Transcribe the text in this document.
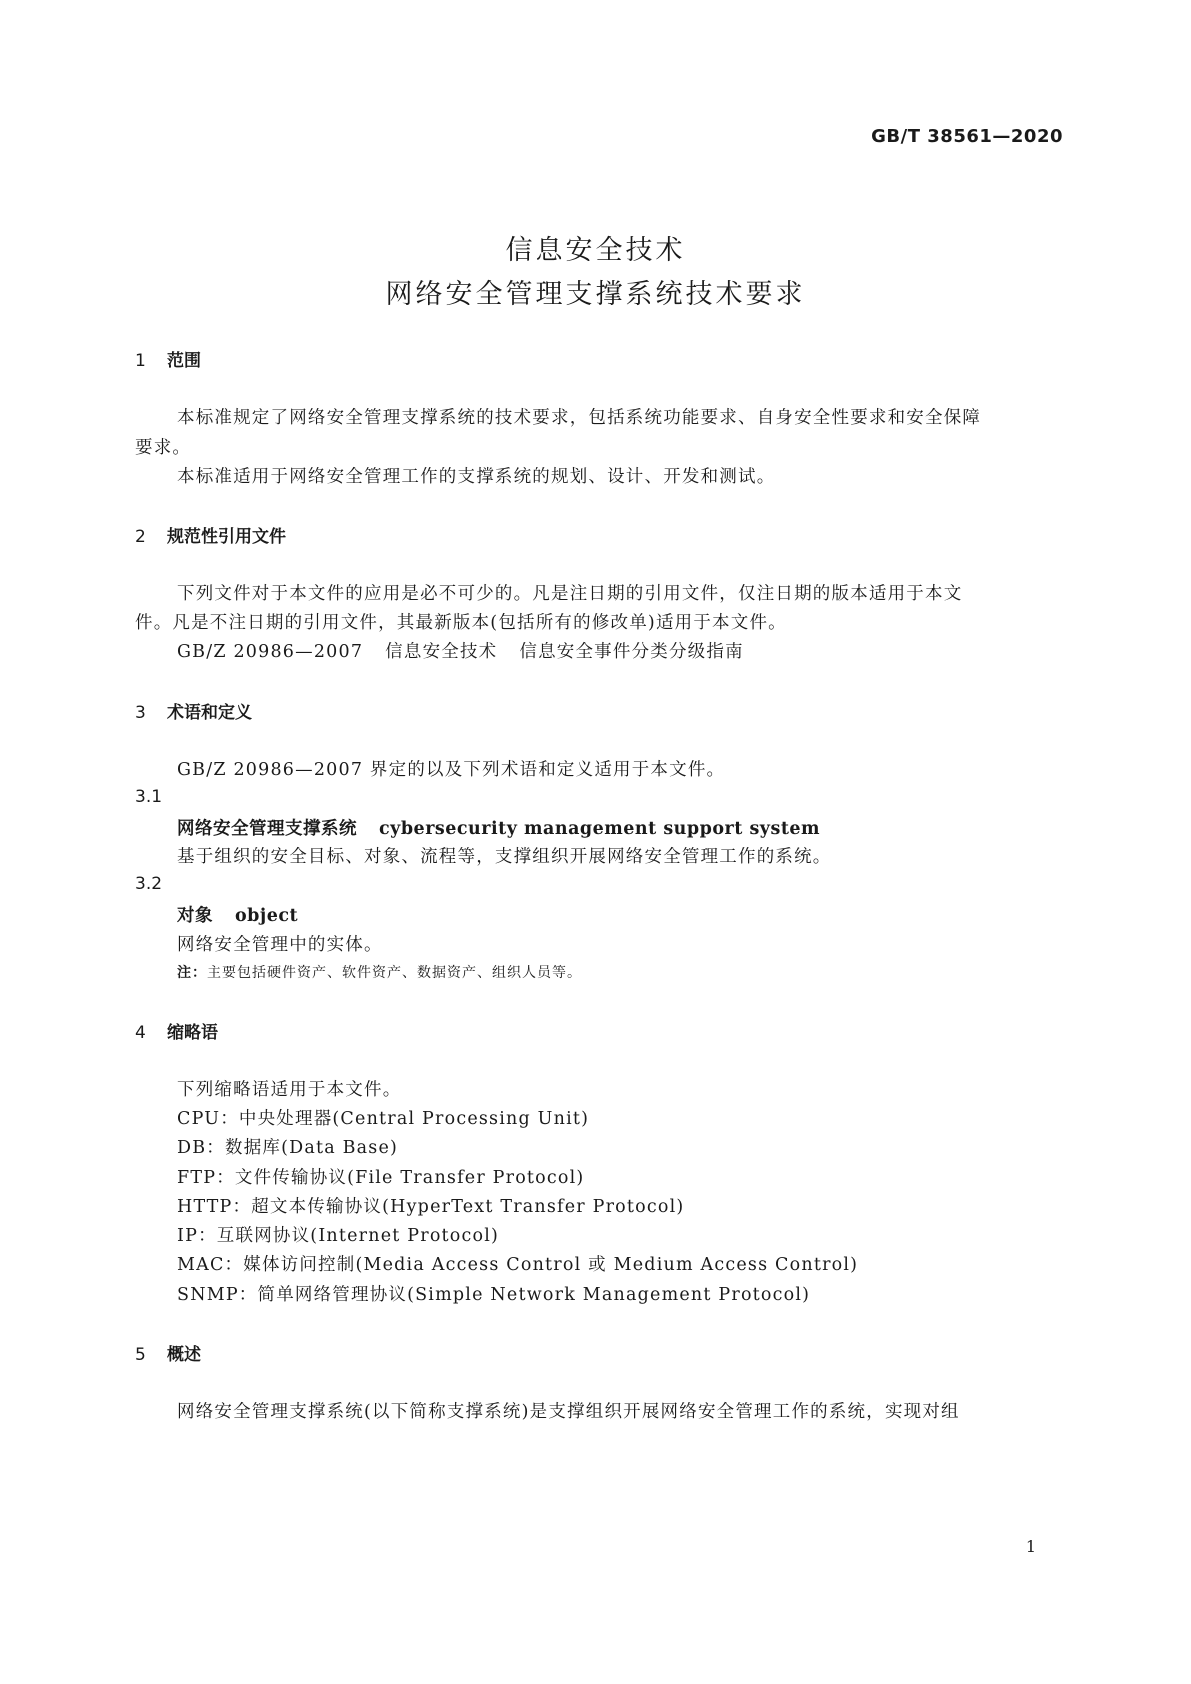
GB/T 38561—2020
信息安全技术
网络安全管理支撑系统技术要求
1 范围
本标准规定了网络安全管理支撑系统的技术要求，包括系统功能要求、自身安全性要求和安全保障
要求。
本标准适用于网络安全管理工作的支撑系统的规划、设计、开发和测试。
2 规范性引用文件
下列文件对于本文件的应用是必不可少的。凡是注日期的引用文件，仅注日期的版本适用于本文
件。凡是不注日期的引用文件，其最新版本(包括所有的修改单)适用于本文件。
GB/Z 20986—2007 信息安全技术 信息安全事件分类分级指南
3 术语和定义
GB/Z 20986—2007 界定的以及下列术语和定义适用于本文件。
3.1
网络安全管理支撑系统 cybersecurity management support system
基于组织的安全目标、对象、流程等，支撑组织开展网络安全管理工作的系统。
3.2
对象 object
网络安全管理中的实体。
注：主要包括硬件资产、软件资产、数据资产、组织人员等。
4 缩略语
下列缩略语适用于本文件。
CPU：中央处理器(Central Processing Unit)
DB：数据库(Data Base)
FTP：文件传输协议(File Transfer Protocol)
HTTP：超文本传输协议(HyperText Transfer Protocol)
IP：互联网协议(Internet Protocol)
MAC：媒体访问控制(Media Access Control 或 Medium Access Control)
SNMP：简单网络管理协议(Simple Network Management Protocol)
5 概述
网络安全管理支撑系统(以下简称支撑系统)是支撑组织开展网络安全管理工作的系统，实现对组
1
